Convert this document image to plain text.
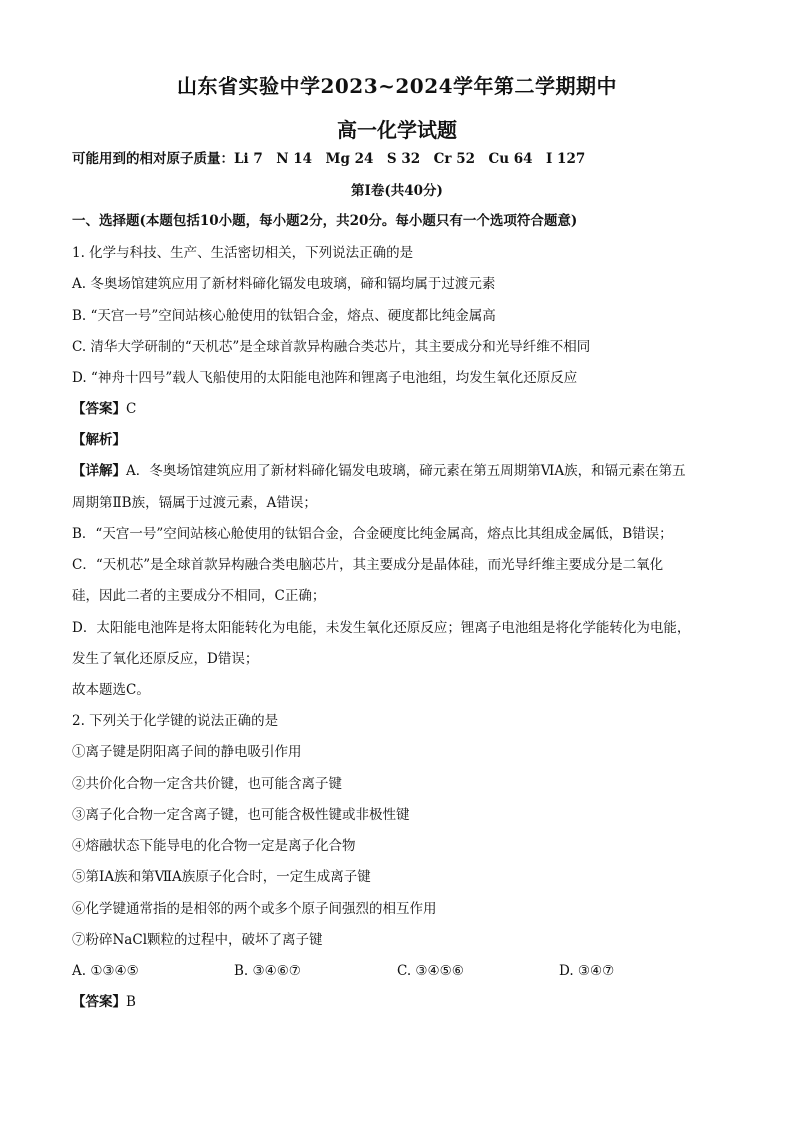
山东省实验中学2023~2024学年第二学期期中
高一化学试题
可能用到的相对原子质量：Li 7　N 14　Mg 24　S 32　Cr 52　Cu 64　I 127
第Ⅰ卷(共40分)
一、选择题(本题包括10小题，每小题2分，共20分。每小题只有一个选项符合题意)
1. 化学与科技、生产、生活密切相关，下列说法正确的是
A. 冬奥场馆建筑应用了新材料碲化镉发电玻璃，碲和镉均属于过渡元素
B. “天宫一号”空间站核心舱使用的钛铝合金，熔点、硬度都比纯金属高
C. 清华大学研制的“天机芯”是全球首款异构融合类芯片，其主要成分和光导纤维不相同
D. “神舟十四号”载人飞船使用的太阳能电池阵和锂离子电池组，均发生氧化还原反应
【答案】C
【解析】
【详解】A．冬奥场馆建筑应用了新材料碲化镉发电玻璃，碲元素在第五周期第ⅥA族，和镉元素在第五
周期第ⅡB族，镉属于过渡元素，A错误；
B．“天宫一号”空间站核心舱使用的钛铝合金，合金硬度比纯金属高，熔点比其组成金属低，B错误；
C．“天机芯”是全球首款异构融合类电脑芯片，其主要成分是晶体硅，而光导纤维主要成分是二氧化
硅，因此二者的主要成分不相同，C正确；
D．太阳能电池阵是将太阳能转化为电能，未发生氧化还原反应；锂离子电池组是将化学能转化为电能，
发生了氧化还原反应，D错误；
故本题选C。
2. 下列关于化学键的说法正确的是
①离子键是阴阳离子间的静电吸引作用
②共价化合物一定含共价键，也可能含离子键
③离子化合物一定含离子键，也可能含极性键或非极性键
④熔融状态下能导电的化合物一定是离子化合物
⑤第ⅠA族和第ⅦA族原子化合时，一定生成离子键
⑥化学键通常指的是相邻的两个或多个原子间强烈的相互作用
⑦粉碎NaCl颗粒的过程中，破坏了离子键
A. ①③④⑤	B. ③④⑥⑦	C. ③④⑤⑥	D. ③④⑦
【答案】B
